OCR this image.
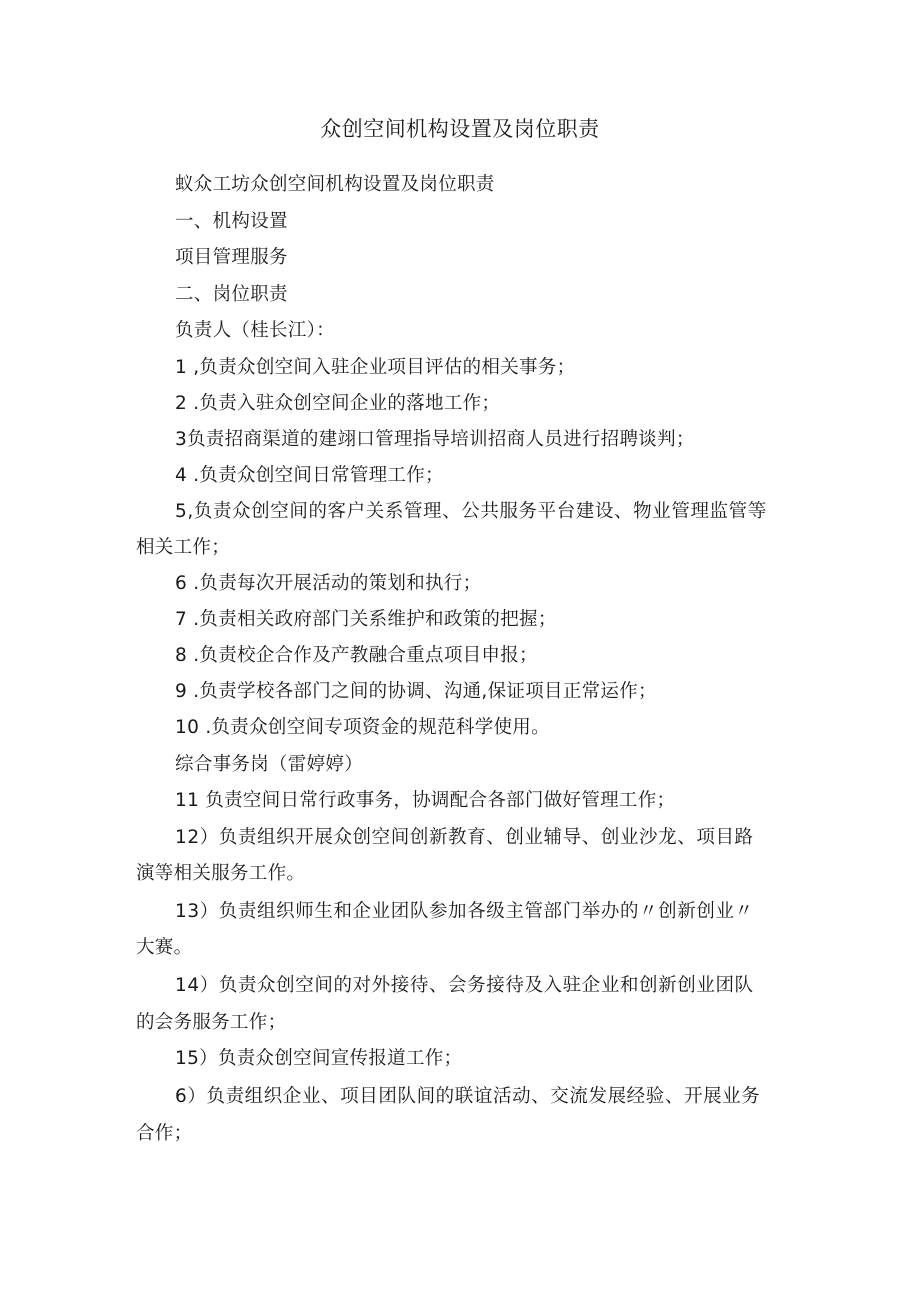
众创空间机构设置及岗位职责
蚁众工坊众创空间机构设置及岗位职责
一、机构设置
项目管理服务
二、岗位职责
负责人（桂长江）：
1 ,负责众创空间入驻企业项目评估的相关事务；
2 .负责入驻众创空间企业的落地工作；
3负责招商渠道的建翊口管理指导培训招商人员进行招聘谈判；
4 .负责众创空间日常管理工作；
5,负责众创空间的客户关系管理、公共服务平台建设、物业管理监管等
相关工作；
6 .负责每次开展活动的策划和执行；
7 .负责相关政府部门关系维护和政策的把握；
8 .负责校企合作及产教融合重点项目申报；
9 .负责学校各部门之间的协调、沟通,保证项目正常运作；
10 .负责众创空间专项资金的规范科学使用。
综合事务岗（雷婷婷）
11 负责空间日常行政事务，协调配合各部门做好管理工作；
12）负责组织开展众创空间创新教育、创业辅导、创业沙龙、项目路
演等相关服务工作。
13）负责组织师生和企业团队参加各级主管部门举办的〃创新创业〃
大赛。
14）负责众创空间的对外接待、会务接待及入驻企业和创新创业团队
的会务服务工作；
15）负责众创空间宣传报道工作；
6）负责组织企业、项目团队间的联谊活动、交流发展经验、开展业务
合作；
